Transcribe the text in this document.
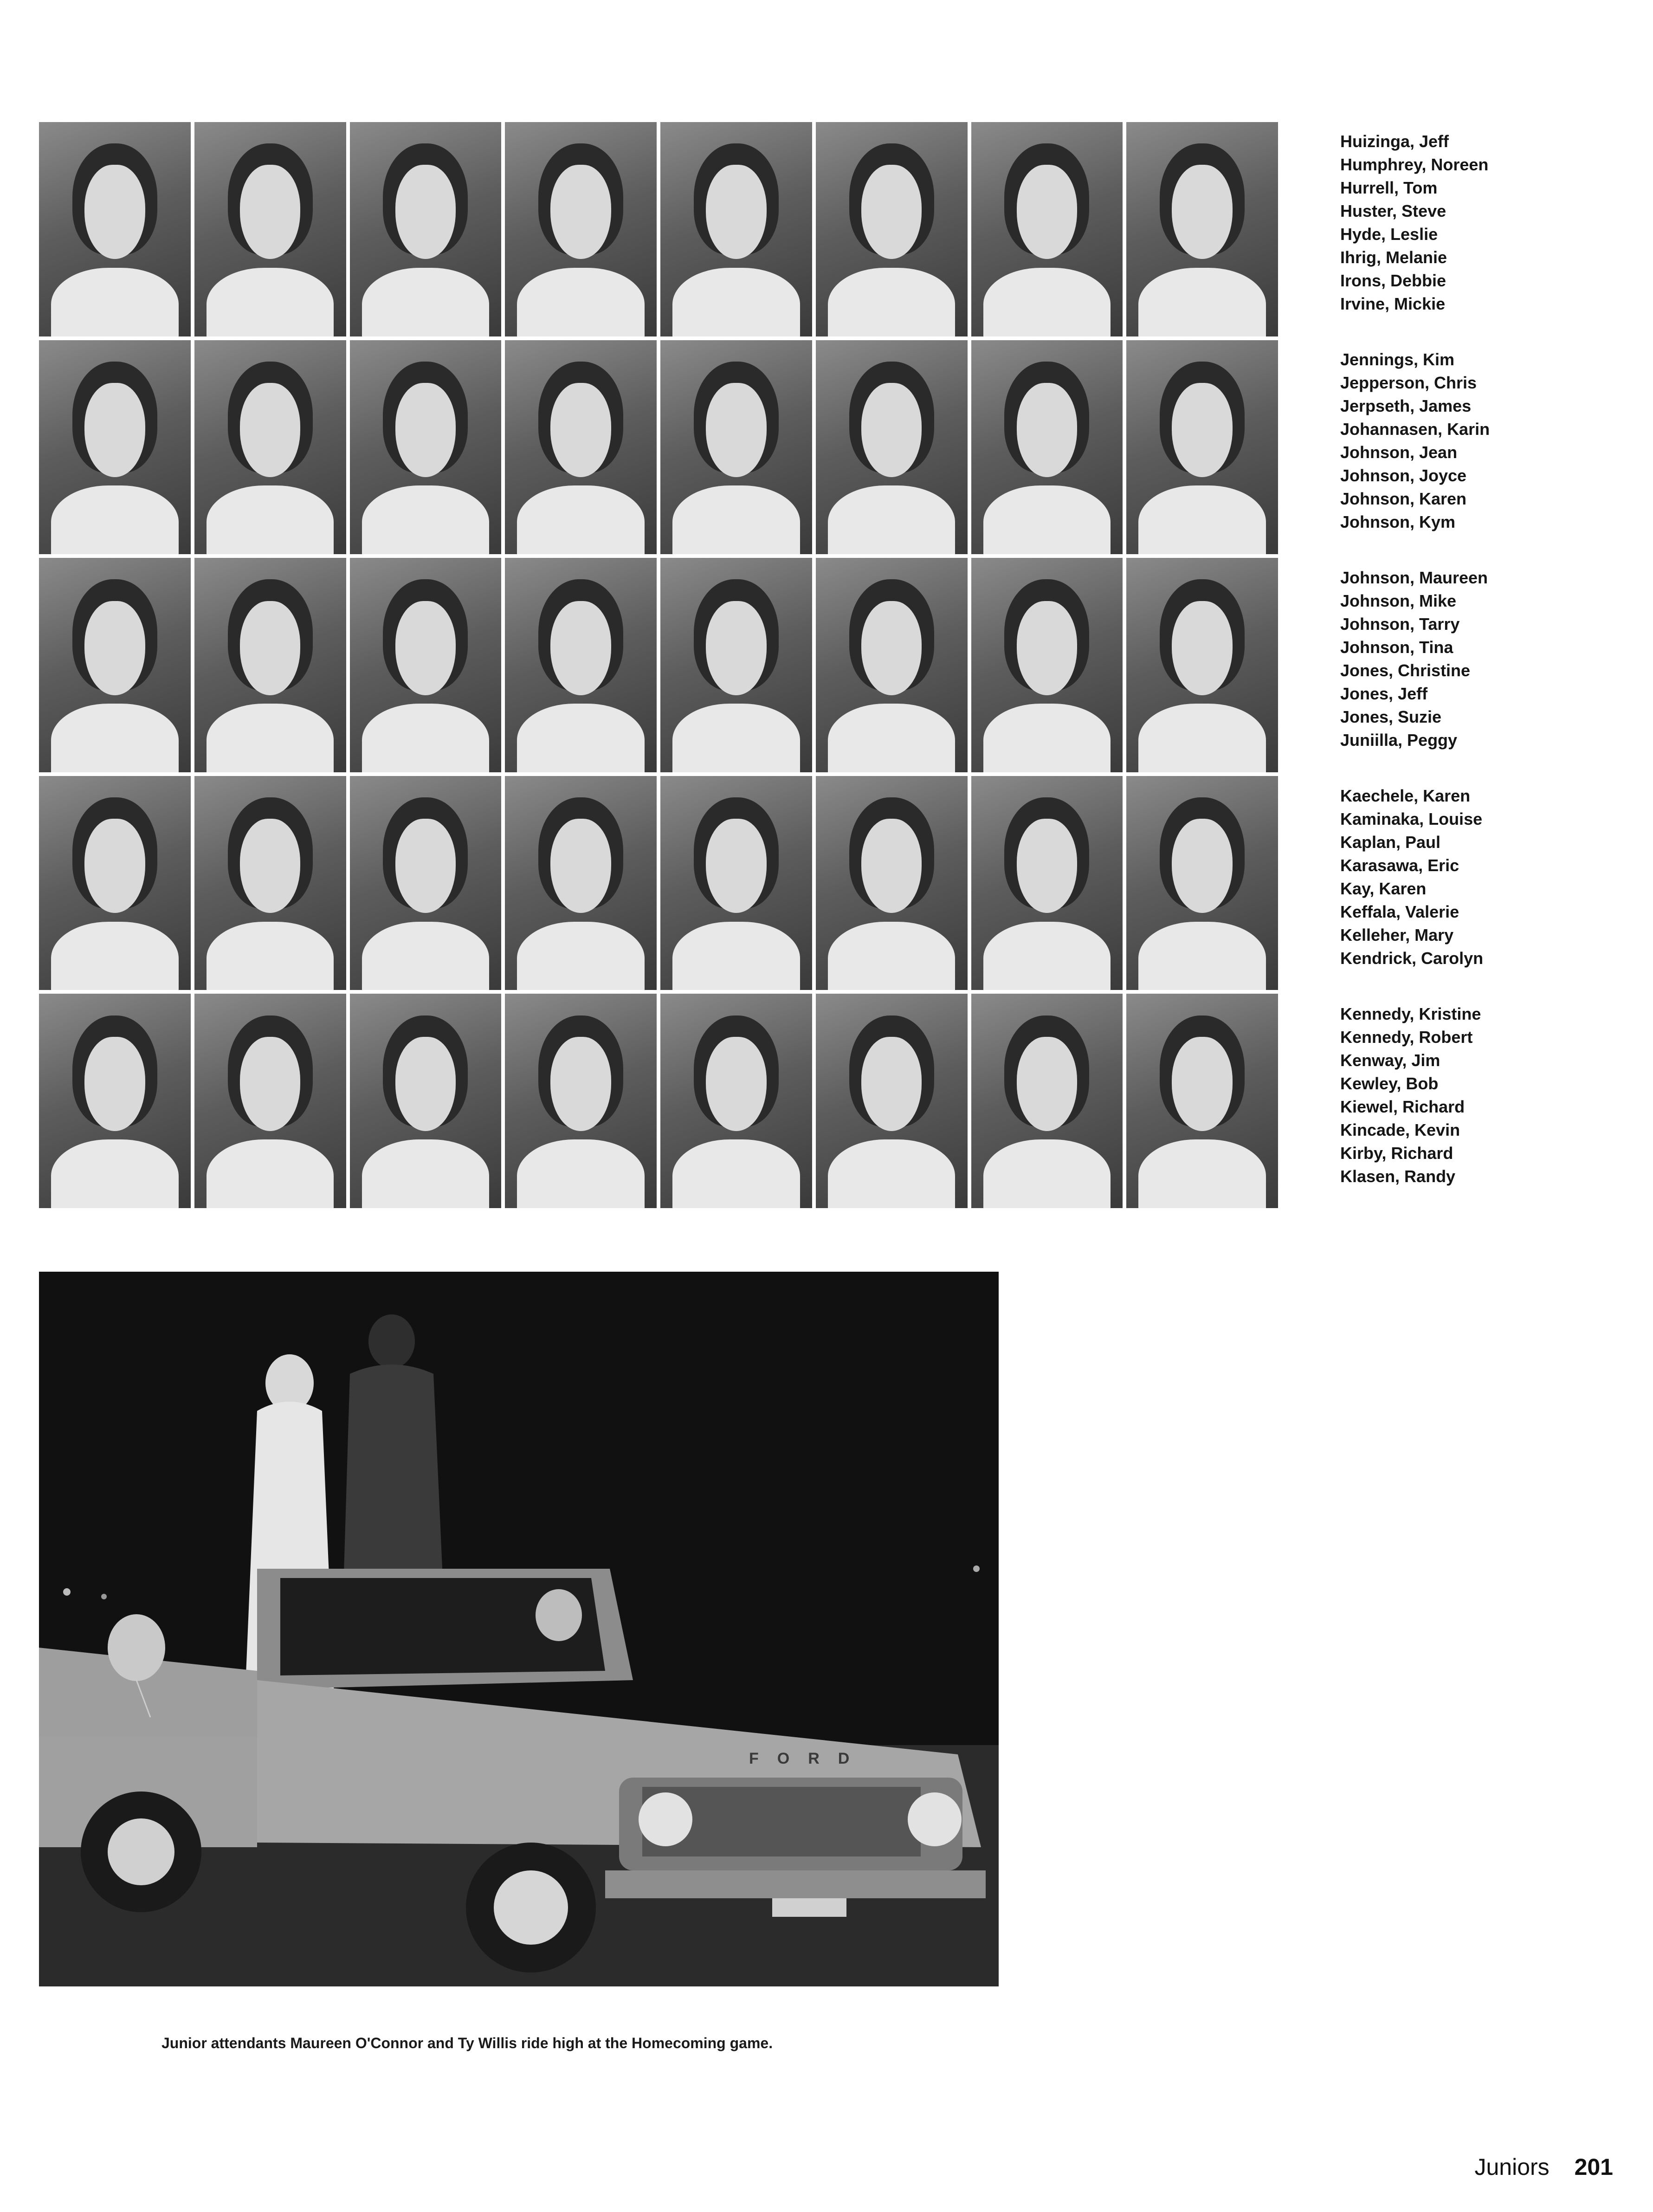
Huizinga, Jeff
Humphrey, Noreen
Hurrell, Tom
Huster, Steve
Hyde, Leslie
Ihrig, Melanie
Irons, Debbie
Irvine, Mickie
Jennings, Kim
Jepperson, Chris
Jerpseth, James
Johannasen, Karin
Johnson, Jean
Johnson, Joyce
Johnson, Karen
Johnson, Kym
Johnson, Maureen
Johnson, Mike
Johnson, Tarry
Johnson, Tina
Jones, Christine
Jones, Jeff
Jones, Suzie
Juniilla, Peggy
Kaechele, Karen
Kaminaka, Louise
Kaplan, Paul
Karasawa, Eric
Kay, Karen
Keffala, Valerie
Kelleher, Mary
Kendrick, Carolyn
Kennedy, Kristine
Kennedy, Robert
Kenway, Jim
Kewley, Bob
Kiewel, Richard
Kincade, Kevin
Kirby, Richard
Klasen, Randy
FORD
Junior attendants Maureen O'Connor and Ty Willis ride high at the Homecoming game.
Juniors 201
